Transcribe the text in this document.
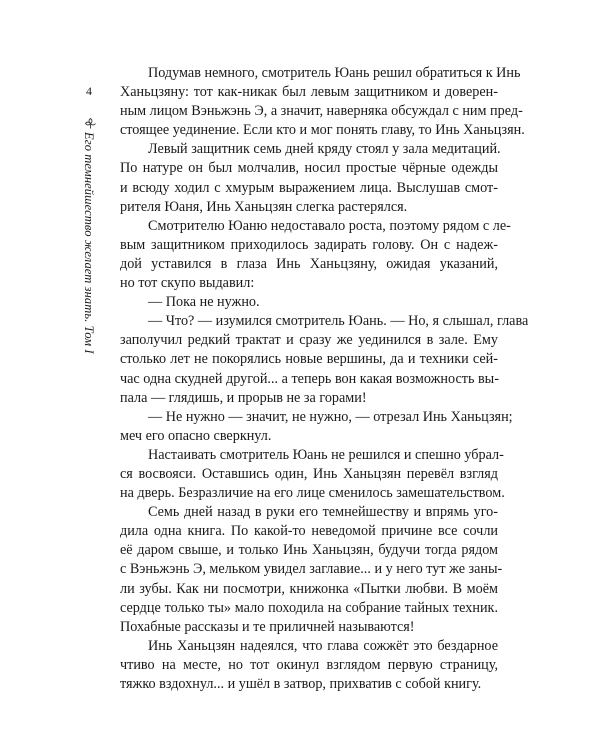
4
Его темнейшество желает знать. Том I

Подумав немного, смотритель Юань решил обратиться к Инь
Ханьцзяну: тот как-никак был левым защитником и доверен-
ным лицом Вэньжэнь Э, а значит, наверняка обсуждал с ним пред-
стоящее уединение. Если кто и мог понять главу, то Инь Ханьцзян.

Левый защитник семь дней кряду стоял у зала медитаций.
По натуре он был молчалив, носил простые чёрные одежды
и всюду ходил с хмурым выражением лица. Выслушав смот-
рителя Юаня, Инь Ханьцзян слегка растерялся.

Смотрителю Юаню недоставало роста, поэтому рядом с ле-
вым защитником приходилось задирать голову. Он с надеж-
дой уставился в глаза Инь Ханьцзяну, ожидая указаний,
но тот скупо выдавил:

— Пока не нужно.

— Что? — изумился смотритель Юань. — Но, я слышал, глава
заполучил редкий трактат и сразу же уединился в зале. Ему
столько лет не покорялись новые вершины, да и техники сей-
час одна скудней другой... а теперь вон какая возможность вы-
пала — глядишь, и прорыв не за горами!

— Не нужно — значит, не нужно, — отрезал Инь Ханьцзян;
меч его опасно сверкнул.

Настаивать смотритель Юань не решился и спешно убрал-
ся восвояси. Оставшись один, Инь Ханьцзян перевёл взгляд
на дверь. Безразличие на его лице сменилось замешательством.

Семь дней назад в руки его темнейшеству и впрямь уго-
дила одна книга. По какой-то неведомой причине все сочли
её даром свыше, и только Инь Ханьцзян, будучи тогда рядом
с Вэньжэнь Э, мельком увидел заглавие... и у него тут же заны-
ли зубы. Как ни посмотри, книжонка «Пытки любви. В моём
сердце только ты» мало походила на собрание тайных техник.
Похабные рассказы и те приличней называются!

Инь Ханьцзян надеялся, что глава сожжёт это бездарное
чтиво на месте, но тот окинул взглядом первую страницу,
тяжко вздохнул... и ушёл в затвор, прихватив с собой книгу.
